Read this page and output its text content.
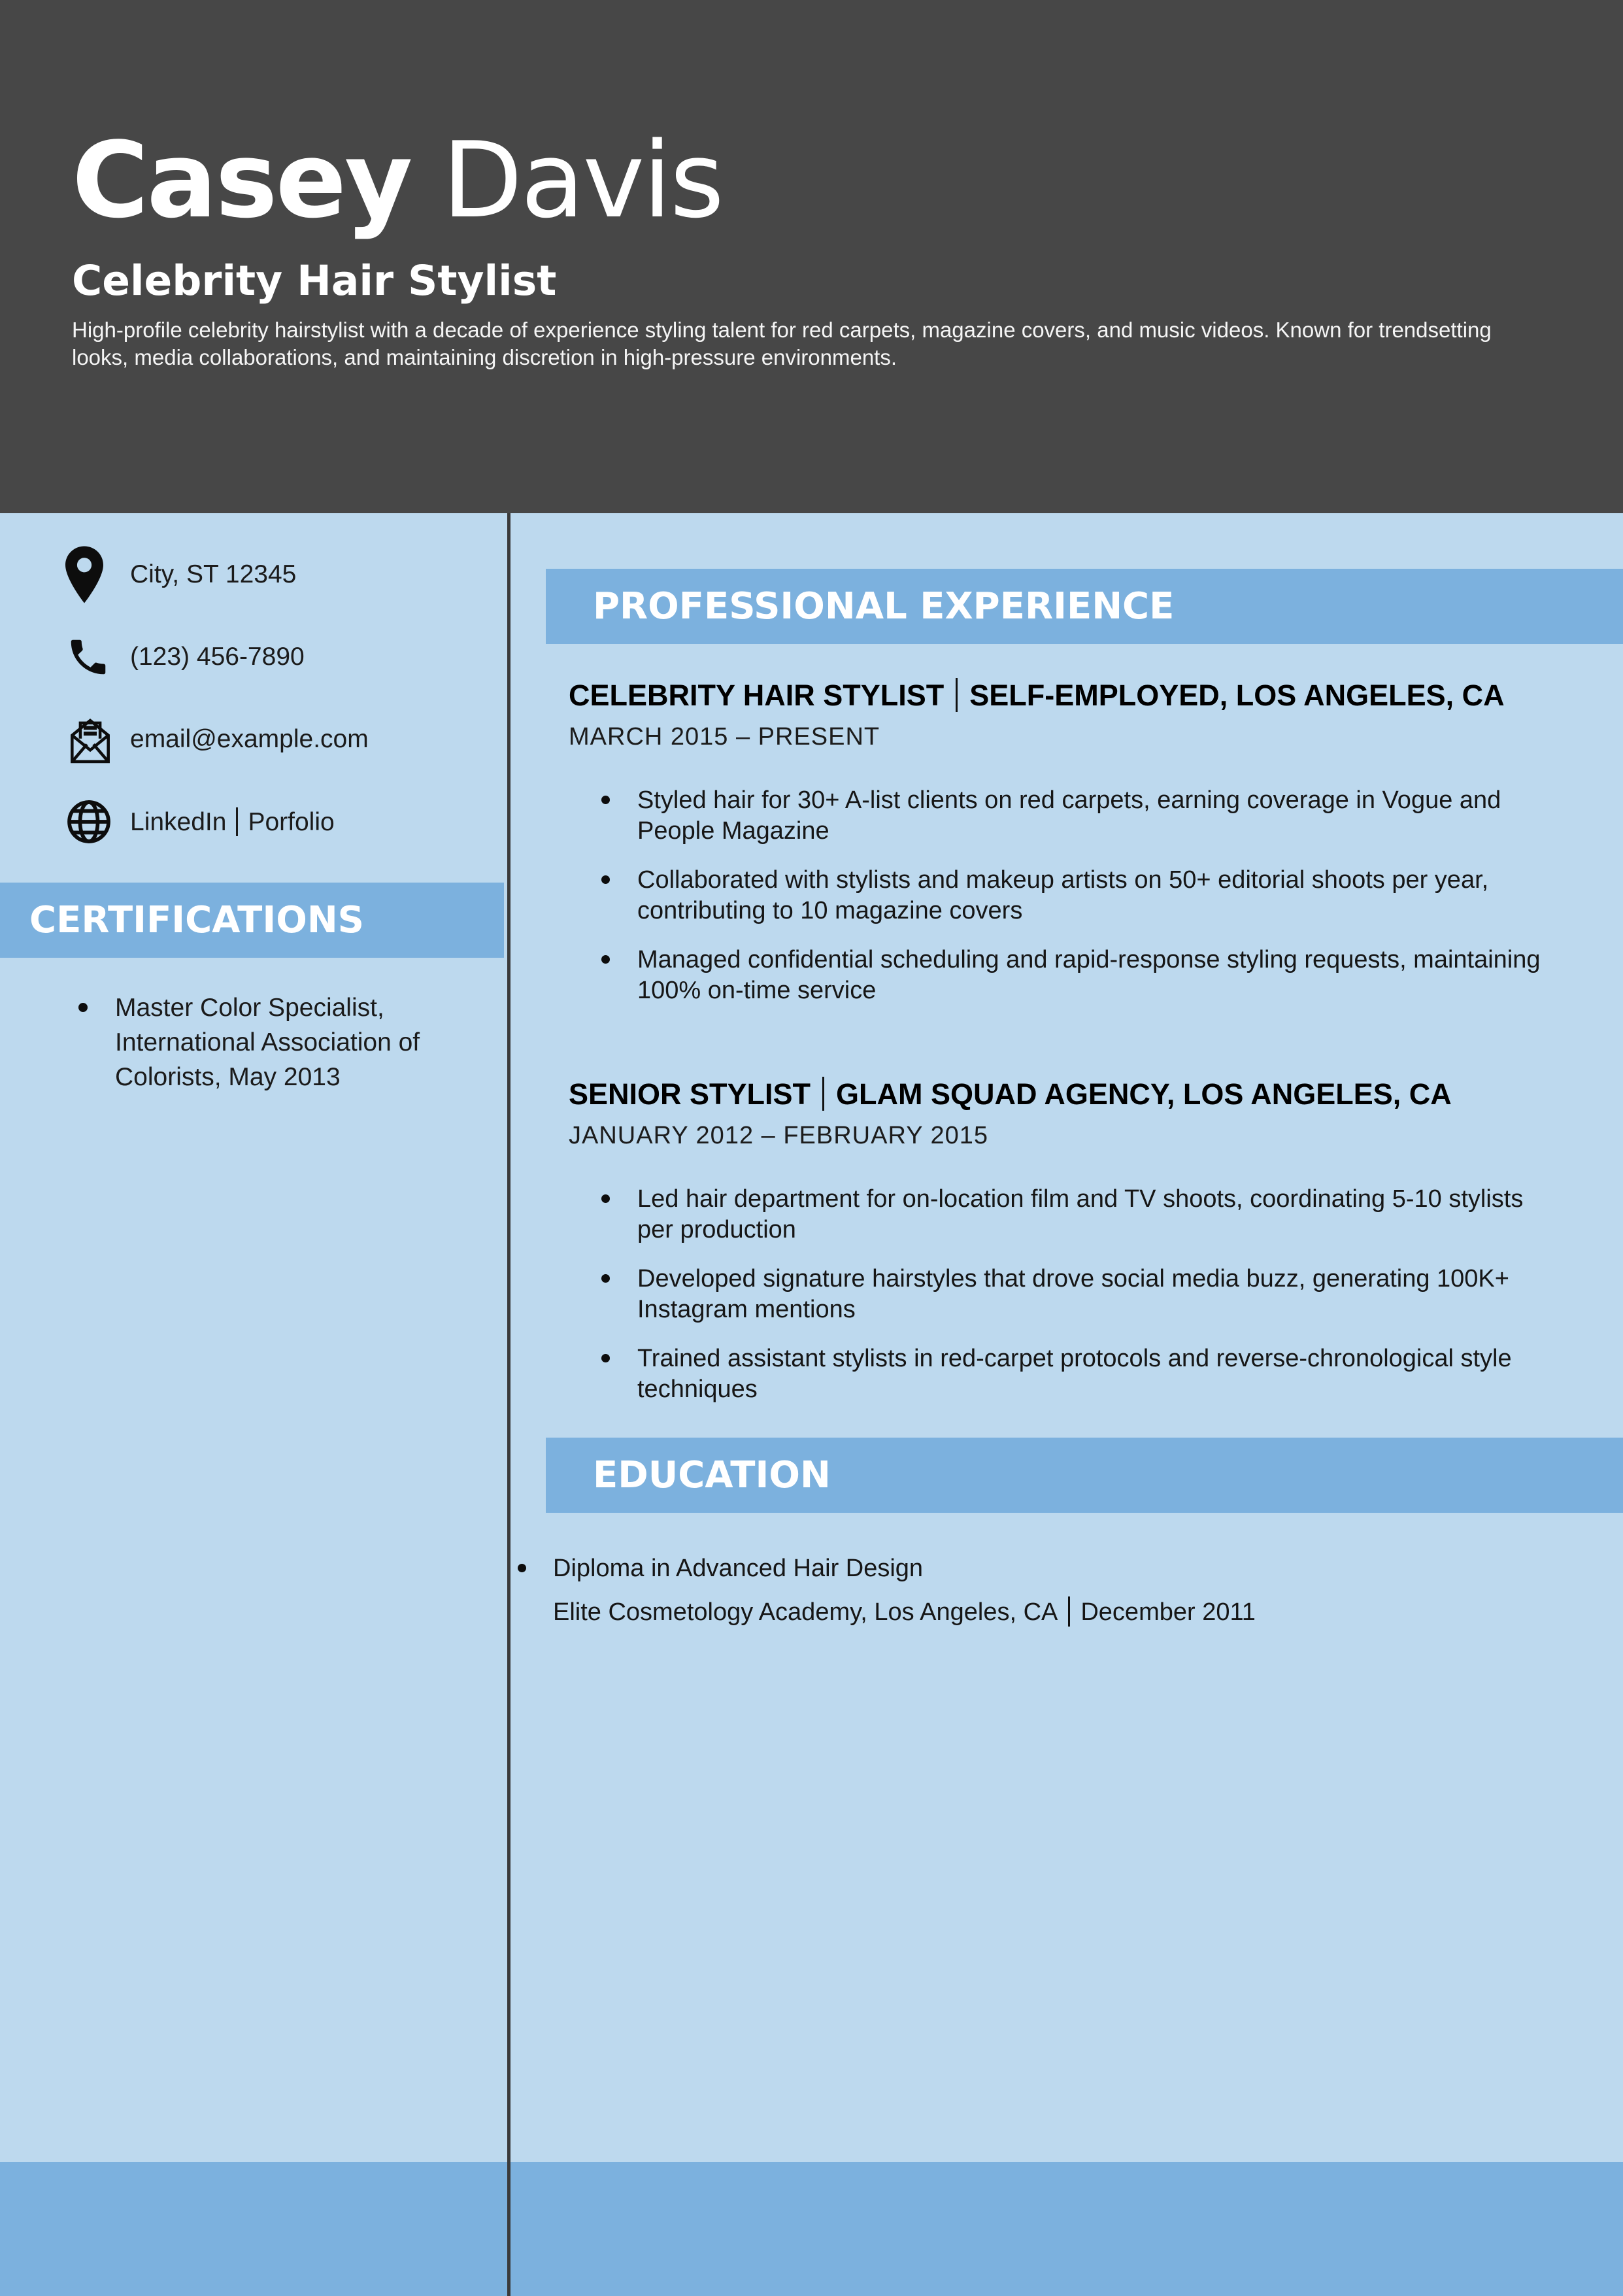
Casey Davis
Celebrity Hair Stylist
High-profile celebrity hairstylist with a decade of experience styling talent for red carpets, magazine covers, and music videos. Known for trendsetting looks, media collaborations, and maintaining discretion in high-pressure environments.
City, ST 12345
(123) 456-7890
email@example.com
LinkedIn Porfolio
CERTIFICATIONS
Master Color Specialist, International Association of Colorists, May 2013
PROFESSIONAL EXPERIENCE
CELEBRITY HAIR STYLIST SELF-EMPLOYED, LOS ANGELES, CA
MARCH 2015 – PRESENT
Styled hair for 30+ A-list clients on red carpets, earning coverage in Vogue and People Magazine
Collaborated with stylists and makeup artists on 50+ editorial shoots per year, contributing to 10 magazine covers
Managed confidential scheduling and rapid-response styling requests, maintaining 100% on-time service
SENIOR STYLIST GLAM SQUAD AGENCY, LOS ANGELES, CA
JANUARY 2012 – FEBRUARY 2015
Led hair department for on-location film and TV shoots, coordinating 5-10 stylists per production
Developed signature hairstyles that drove social media buzz, generating 100K+ Instagram mentions
Trained assistant stylists in red-carpet protocols and reverse-chronological style techniques
EDUCATION
Diploma in Advanced Hair Design
Elite Cosmetology Academy, Los Angeles, CA December 2011
